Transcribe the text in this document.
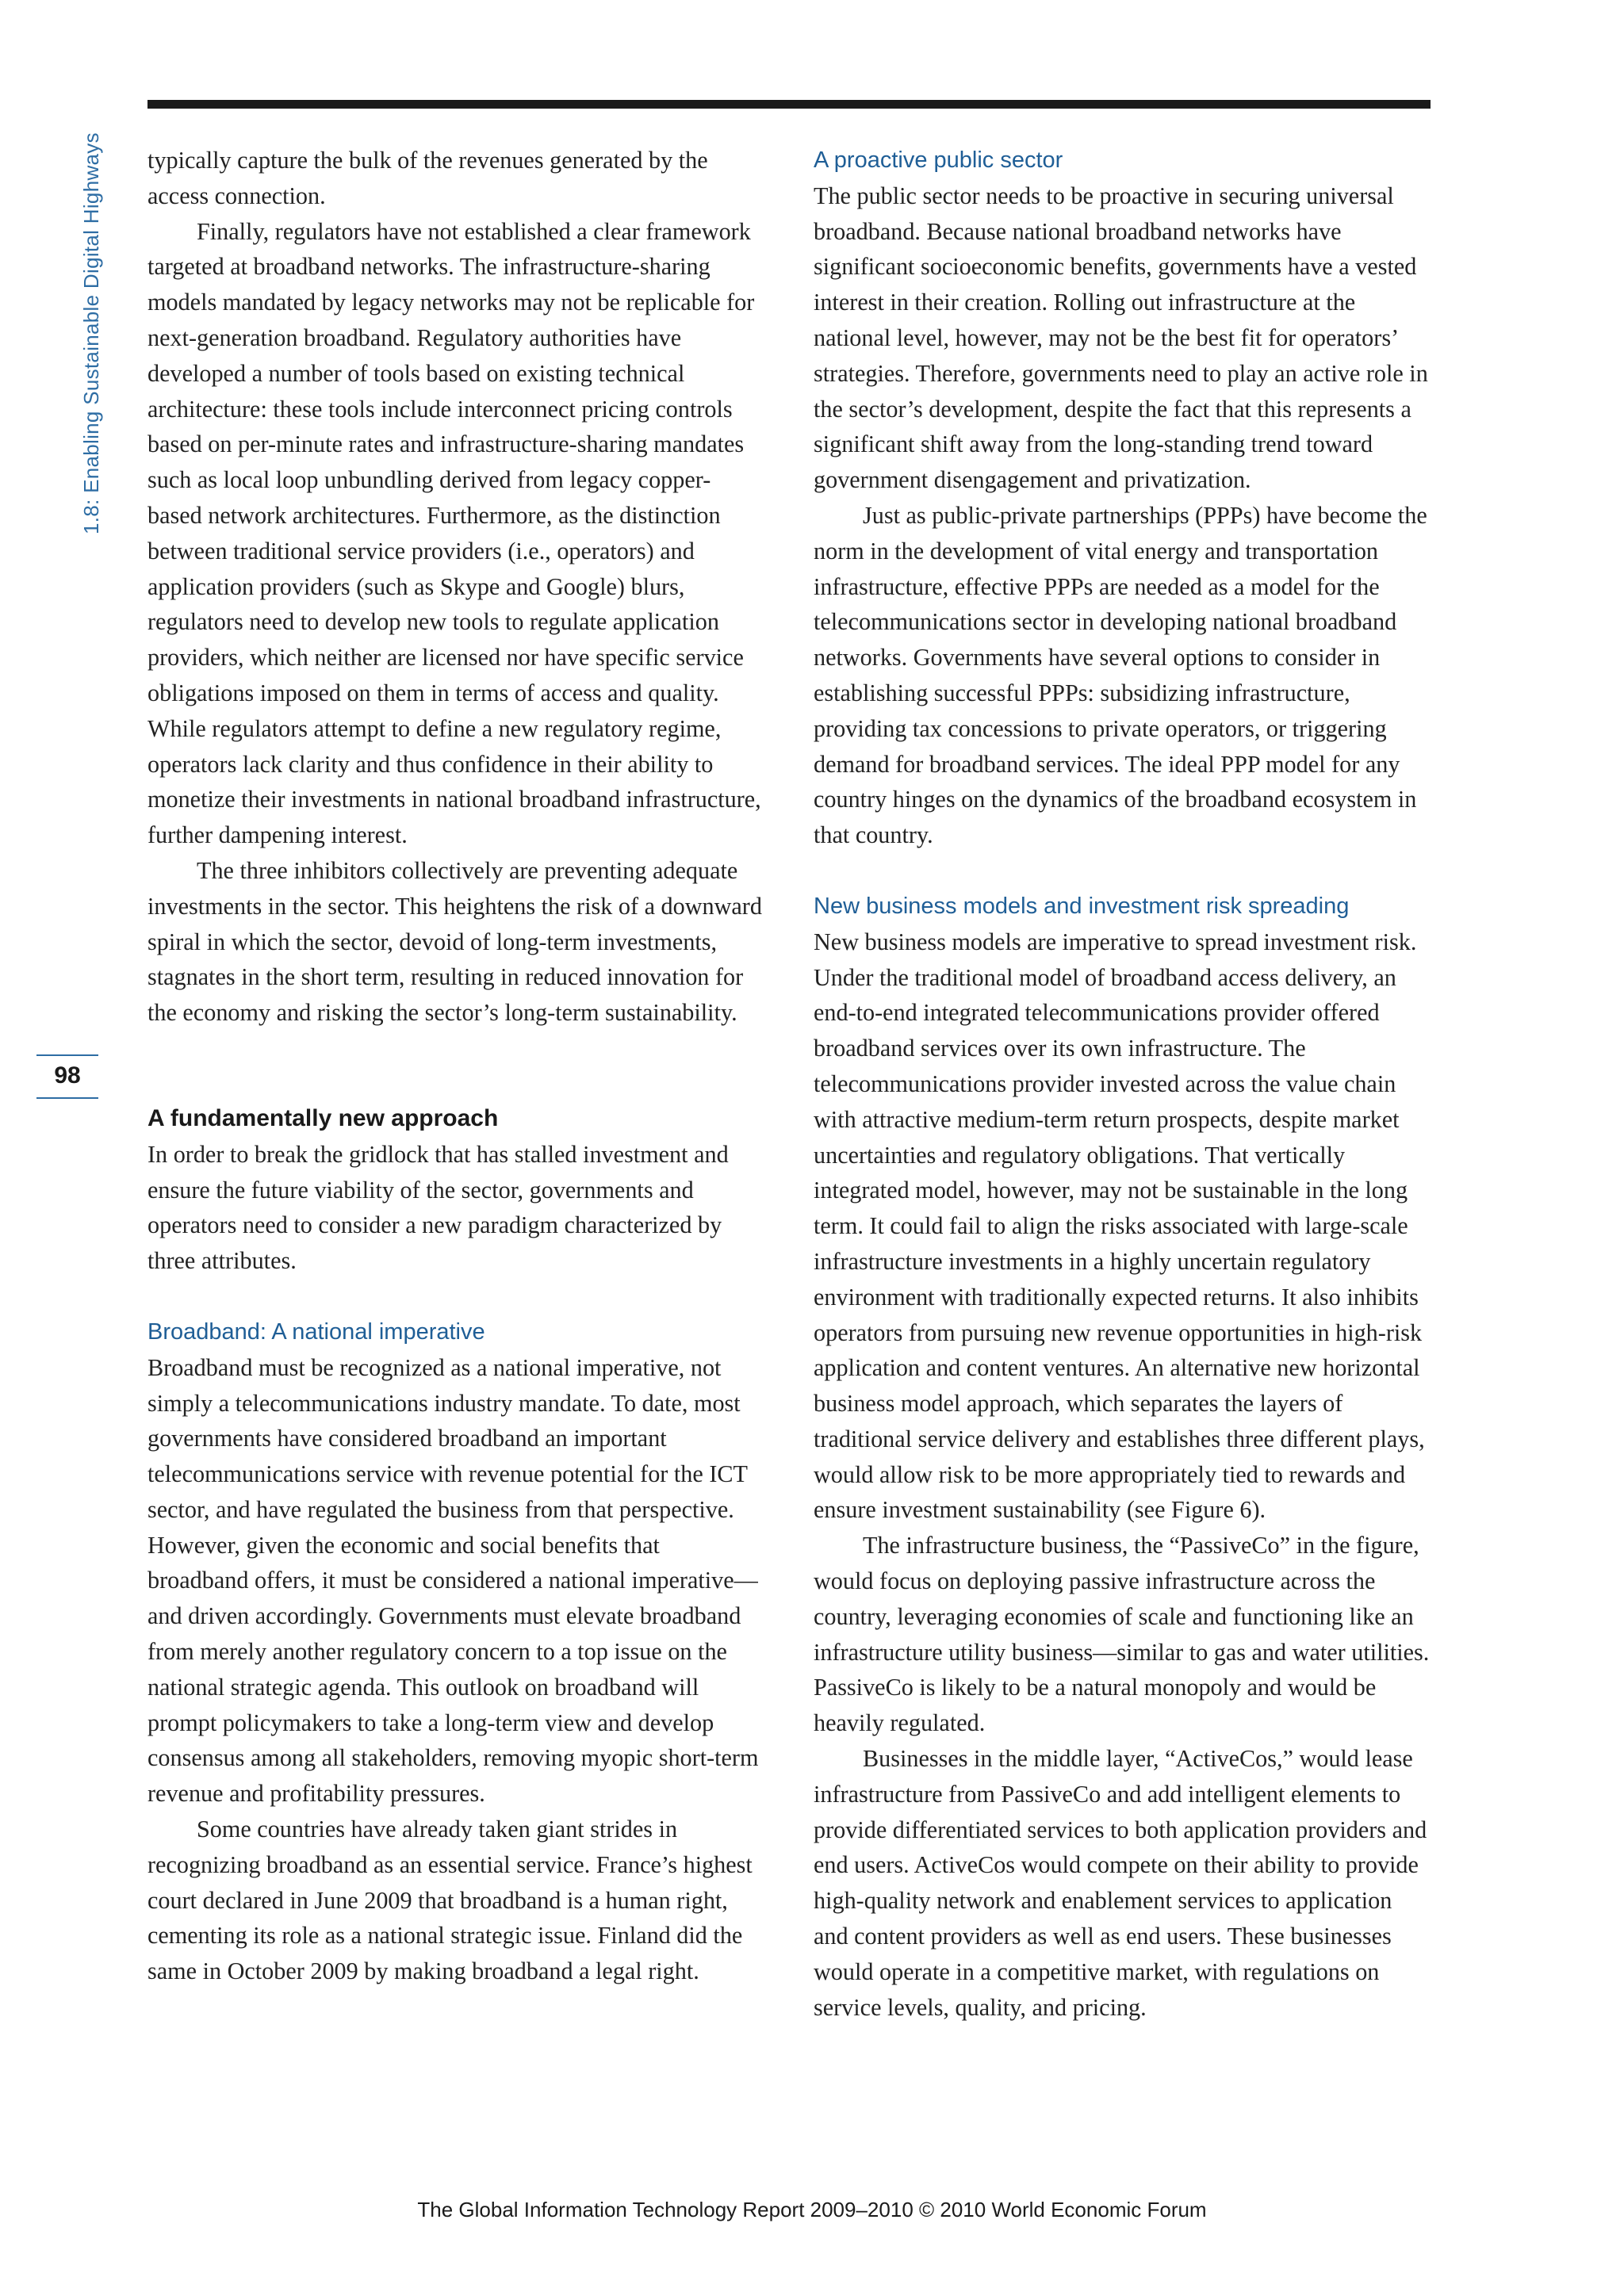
1.8: Enabling Sustainable Digital Highways
98

typically capture the bulk of the revenues generated by the access connection.

Finally, regulators have not established a clear framework targeted at broadband networks. The infrastructure-sharing models mandated by legacy networks may not be replicable for next-generation broadband. Regulatory authorities have developed a number of tools based on existing technical architecture: these tools include interconnect pricing controls based on per-minute rates and infrastructure-sharing mandates such as local loop unbundling derived from legacy copper-based network architectures. Furthermore, as the distinction between traditional service providers (i.e., operators) and application providers (such as Skype and Google) blurs, regulators need to develop new tools to regulate application providers, which neither are licensed nor have specific service obligations imposed on them in terms of access and quality. While regulators attempt to define a new regulatory regime, operators lack clarity and thus confidence in their ability to monetize their investments in national broadband infrastructure, further dampening interest.

The three inhibitors collectively are preventing adequate investments in the sector. This heightens the risk of a downward spiral in which the sector, devoid of long-term investments, stagnates in the short term, resulting in reduced innovation for the economy and risking the sector’s long-term sustainability.

A fundamentally new approach

In order to break the gridlock that has stalled investment and ensure the future viability of the sector, governments and operators need to consider a new paradigm characterized by three attributes.

Broadband: A national imperative

Broadband must be recognized as a national imperative, not simply a telecommunications industry mandate. To date, most governments have considered broadband an important telecommunications service with revenue potential for the ICT sector, and have regulated the business from that perspective. However, given the economic and social benefits that broadband offers, it must be considered a national imperative—and driven accordingly. Governments must elevate broadband from merely another regulatory concern to a top issue on the national strategic agenda. This outlook on broadband will prompt policymakers to take a long-term view and develop consensus among all stakeholders, removing myopic short-term revenue and profitability pressures.

Some countries have already taken giant strides in recognizing broadband as an essential service. France’s highest court declared in June 2009 that broadband is a human right, cementing its role as a national strategic issue. Finland did the same in October 2009 by making broadband a legal right.

A proactive public sector

The public sector needs to be proactive in securing universal broadband. Because national broadband networks have significant socioeconomic benefits, governments have a vested interest in their creation. Rolling out infrastructure at the national level, however, may not be the best fit for operators’ strategies. Therefore, governments need to play an active role in the sector’s development, despite the fact that this represents a significant shift away from the long-standing trend toward government disengagement and privatization.

Just as public-private partnerships (PPPs) have become the norm in the development of vital energy and transportation infrastructure, effective PPPs are needed as a model for the telecommunications sector in developing national broadband networks. Governments have several options to consider in establishing successful PPPs: subsidizing infrastructure, providing tax concessions to private operators, or triggering demand for broadband services. The ideal PPP model for any country hinges on the dynamics of the broadband ecosystem in that country.

New business models and investment risk spreading

New business models are imperative to spread investment risk. Under the traditional model of broadband access delivery, an end-to-end integrated telecommunications provider offered broadband services over its own infrastructure. The telecommunications provider invested across the value chain with attractive medium-term return prospects, despite market uncertainties and regulatory obligations. That vertically integrated model, however, may not be sustainable in the long term. It could fail to align the risks associated with large-scale infrastructure investments in a highly uncertain regulatory environment with traditionally expected returns. It also inhibits operators from pursuing new revenue opportunities in high-risk application and content ventures. An alternative new horizontal business model approach, which separates the layers of traditional service delivery and establishes three different plays, would allow risk to be more appropriately tied to rewards and ensure investment sustainability (see Figure 6).

The infrastructure business, the “PassiveCo” in the figure, would focus on deploying passive infrastructure across the country, leveraging economies of scale and functioning like an infrastructure utility business—similar to gas and water utilities. PassiveCo is likely to be a natural monopoly and would be heavily regulated.

Businesses in the middle layer, “ActiveCos,” would lease infrastructure from PassiveCo and add intelligent elements to provide differentiated services to both application providers and end users. ActiveCos would compete on their ability to provide high-quality network and enablement services to application and content providers as well as end users. These businesses would operate in a competitive market, with regulations on service levels, quality, and pricing.

The Global Information Technology Report 2009–2010 © 2010 World Economic Forum
